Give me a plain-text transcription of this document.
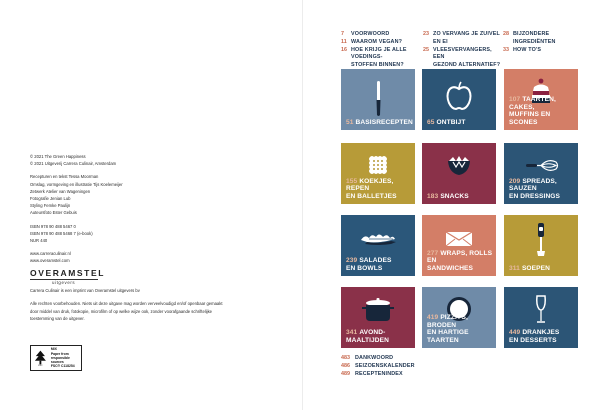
© 2021 The Green Happiness

© 2021 Uitgeverij Carrera Culinair, Amsterdam

Recepturen en tekst Tessa Moorman

Omslag, vormgeving en illustratie Tijs Koelemeijer

Zetwerk Atelier van Wageningen

Fotografie Jenian Lub

Styling Femke Paulijn

Auteursfoto Ester Gebuis

ISBN 978 90 488 5467 0

ISBN 978 90 488 5468 7 (e-book)

NUR 440

www.carreraculinair.nl

www.overamstel.com

OVERAMSTEL
uitgevers

Carrera Culinair is een imprint van Overamstel uitgevers bv

Alle rechten voorbehouden. Niets uit deze uitgave mag worden verveelvoudigd en/of openbaar gemaakt

door middel van druk, fotokopie, microfilm of op welke wijze ook, zonder voorafgaande schriftelijke

toestemming van de uitgever.

FSC
MIX
Paper from
responsible sources
FSC® C118254
7	VOORWOORD
11 WAAROM VEGAN?
16 HOE KRIJG JE ALLE VOEDINGS-
STOFFEN BINNEN?
23 ZO VERVANG JE ZUIVEL
EN EI
25 VLEESVERVANGERS, EEN
GEZOND ALTERNATIEF?
28 BIJZONDERE INGREDIËNTEN
33 HOW TO'S
51 BASISRECEPTEN 65 ONTBIJT
107 TAARTEN, CAKES,
MUFFINS EN SCONES
155 KOEKJES, REPEN
EN BALLETJES	183 SNACKS
209 SPREADS, SAUZEN
EN DRESSINGS
239 SALADES
EN BOWLS
277 WRAPS, ROLLS EN
SANDWICHES	311 SOEPEN
341 AVOND-
MAALTIJDEN
419 PIZZA'S, BRODEN
EN HARTIGE TAARTEN
449 DRANKJES
EN DESSERTS
483 DANKWOORD
486 SEIZOENSKALENDER
489 RECEPTENINDEX
